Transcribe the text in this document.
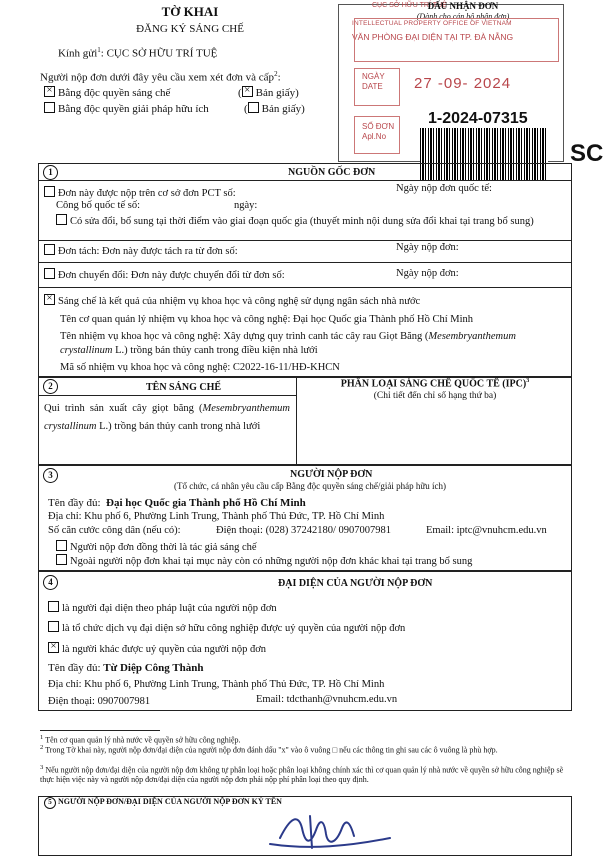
TỜ KHAI
ĐĂNG KÝ SÁNG CHẾ
Kính gửi$^1$: CỤC SỞ HỮU TRÍ TUỆ
Người nộp đơn dưới đây yêu cầu xem xét đơn và cấp$^2$:
×Bằng độc quyền sáng chế	(× Bản giấy)
Bằng độc quyền giải pháp hữu ích	( Bản giấy)
CỤC SỞ HỮU TRÍ TUỆ
DẤU NHẬN ĐƠN
(Dành cho cán bộ nhận đơn)
INTELLECTUAL PROPERTY OFFICE OF VIETNAM
VĂN PHÒNG ĐẠI DIỆN TẠI TP. ĐÀ NẴNG
NGÀY
DATE 27 -09- 2024
SỐ ĐƠN
Apl.No
1-2024-07315
SC
1	NGUỒN GỐC ĐƠN
Đơn này được nộp trên cơ sở đơn PCT số:	Ngày nộp đơn quốc tế:
Công bố quốc tế số:	ngày:
Có sửa đổi, bổ sung tại thời điểm vào giai đoạn quốc gia (thuyết minh nội dung sửa đổi khai tại trang bổ sung)
Đơn tách: Đơn này được tách ra từ đơn số:	Ngày nộp đơn:
Đơn chuyển đổi: Đơn này được chuyển đổi từ đơn số:	Ngày nộp đơn:
×Sáng chế là kết quả của nhiệm vụ khoa học và công nghệ sử dụng ngân sách nhà nước
Tên cơ quan quản lý nhiệm vụ khoa học và công nghệ: Đại học Quốc gia Thành phố Hồ Chí Minh
Tên nhiệm vụ khoa học và công nghệ: Xây dựng quy trình canh tác cây rau Giọt Băng (Mesembryanthemum crystallinum L.) trồng bán thủy canh trong điều kiện nhà lưới
Mã số nhiệm vụ khoa học và công nghệ: C2022-16-11/HĐ-KHCN
2	TÊN SÁNG CHẾ
Qui trình sản xuất cây giọt băng (Mesembryanthemum crystallinum L.) trồng bán thủy canh trong nhà lưới
PHÂN LOẠI SÁNG CHẾ QUỐC TẾ (IPC)$^3$
(Chỉ tiết đến chỉ số hạng thứ ba)
3	NGƯỜI NỘP ĐƠN
(Tổ chức, cá nhân yêu cầu cấp Bằng độc quyền sáng chế/giải pháp hữu ích)
Tên đầy đủ: Đại học Quốc gia Thành phố Hồ Chí Minh
Địa chỉ: Khu phố 6, Phường Linh Trung, Thành phố Thủ Đức, TP. Hồ Chí Minh
Số căn cước công dân (nếu có):	Điện thoại: (028) 37242180/ 0907007981	Email: iptc@vnuhcm.edu.vn
Người nộp đơn đồng thời là tác giả sáng chế
Ngoài người nộp đơn khai tại mục này còn có những người nộp đơn khác khai tại trang bổ sung
4	ĐẠI DIỆN CỦA NGƯỜI NỘP ĐƠN
là người đại diện theo pháp luật của người nộp đơn
là tổ chức dịch vụ đại diện sở hữu công nghiệp được uỷ quyền của người nộp đơn
×là người khác được uỷ quyền của người nộp đơn
Tên đầy đủ: Từ Diệp Công Thành
Địa chỉ: Khu phố 6, Phường Linh Trung, Thành phố Thủ Đức, TP. Hồ Chí Minh
Điện thoại: 0907007981	Email: tdcthanh@vnuhcm.edu.vn
$^1$ Tên cơ quan quản lý nhà nước về quyền sở hữu công nghiệp.
$^2$ Trong Tờ khai này, người nộp đơn/đại diện của người nộp đơn đánh dấu "x" vào ô vuông □ nếu các thông tin ghi sau các ô vuông là phù hợp.
$^3$ Nếu người nộp đơn/đại diện của người nộp đơn không tự phân loại hoặc phân loại không chính xác thì cơ quan quản lý nhà nước về quyền sở hữu công nghiệp sẽ thực hiện việc này và người nộp đơn/đại diện của người nộp đơn phải nộp phí phân loại theo quy định.
5 NGƯỜI NỘP ĐƠN/ĐẠI DIỆN CỦA NGƯỜI NỘP ĐƠN KÝ TÊN
